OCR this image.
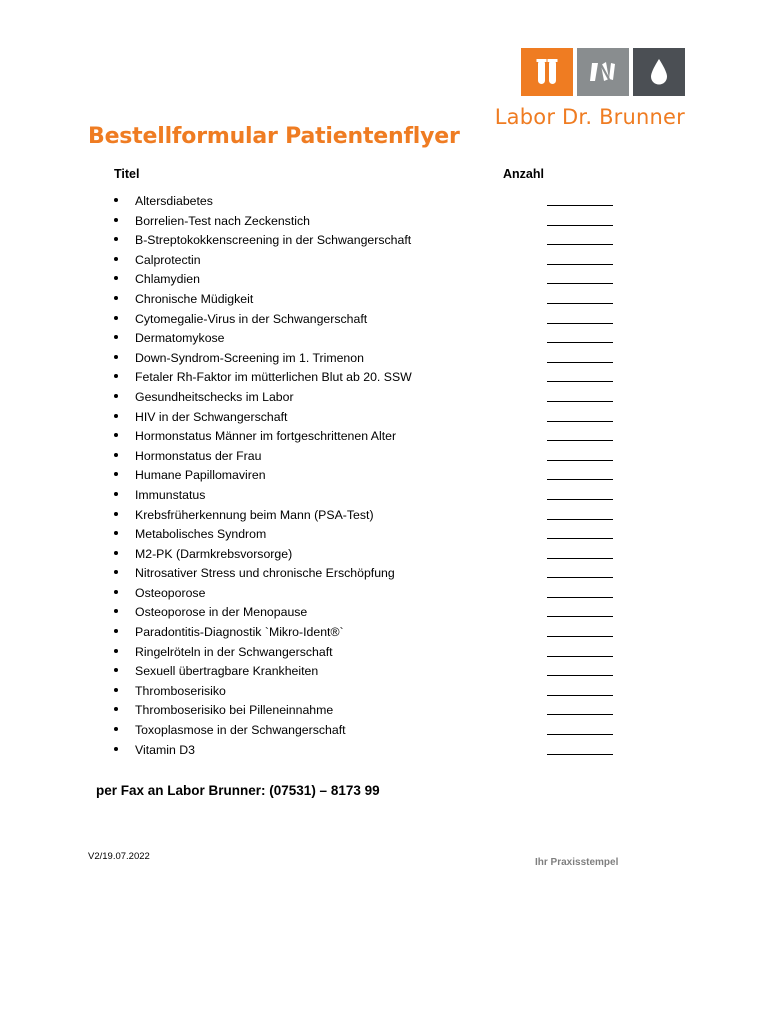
Labor Dr. Brunner
Bestellformular Patientenflyer
Titel	Anzahl
Altersdiabetes
Borrelien-Test nach Zeckenstich
B-Streptokokkenscreening in der Schwangerschaft
Calprotectin
Chlamydien
Chronische Müdigkeit
Cytomegalie-Virus in der Schwangerschaft
Dermatomykose
Down-Syndrom-Screening im 1. Trimenon
Fetaler Rh-Faktor im mütterlichen Blut ab 20. SSW
Gesundheitschecks im Labor
HIV in der Schwangerschaft
Hormonstatus Männer im fortgeschrittenen Alter
Hormonstatus der Frau
Humane Papillomaviren
Immunstatus
Krebsfrüherkennung beim Mann (PSA-Test)
Metabolisches Syndrom
M2-PK (Darmkrebsvorsorge)
Nitrosativer Stress und chronische Erschöpfung
Osteoporose
Osteoporose in der Menopause
Paradontitis-Diagnostik `Mikro-Ident®`
Ringelröteln in der Schwangerschaft
Sexuell übertragbare Krankheiten
Thromboserisiko
Thromboserisiko bei Pilleneinnahme
Toxoplasmose in der Schwangerschaft
Vitamin D3
per Fax an Labor Brunner: (07531) – 8173 99
V2/19.07.2022
Ihr Praxisstempel
